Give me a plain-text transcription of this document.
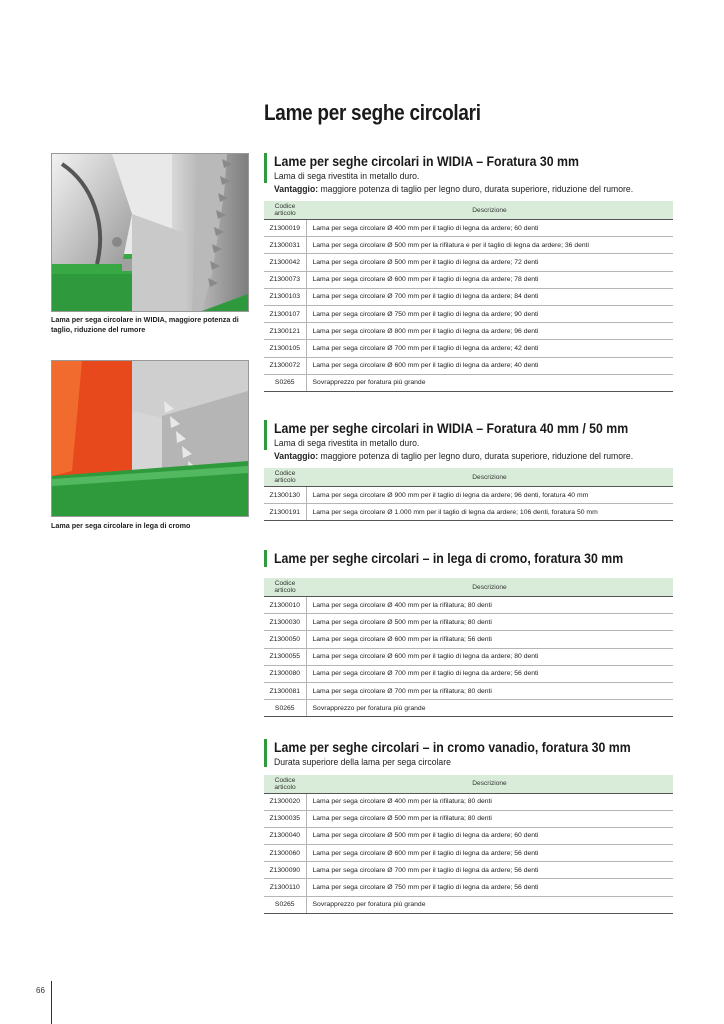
Lame per seghe circolari
Lama per sega circolare in WIDIA, maggiore potenza di taglio, riduzione del rumore
Lama per sega circolare in lega di cromo
Lame per seghe circolari in WIDIA – Foratura 30 mm
Lama di sega rivestita in metallo duro.
Vantaggio: maggiore potenza di taglio per legno duro, durata superiore, riduzione del rumore.
Codice articolo	Descrizione
Z1300019	Lama per sega circolare Ø 400 mm per il taglio di legna da ardere; 60 denti
Z1300031	Lama per sega circolare Ø 500 mm per la rifilatura e per il taglio di legna da ardere; 36 denti
Z1300042	Lama per sega circolare Ø 500 mm per il taglio di legna da ardere; 72 denti
Z1300073	Lama per sega circolare Ø 600 mm per il taglio di legna da ardere; 78 denti
Z1300103	Lama per sega circolare Ø 700 mm per il taglio di legna da ardere; 84 denti
Z1300107	Lama per sega circolare Ø 750 mm per il taglio di legna da ardere; 90 denti
Z1300121	Lama per sega circolare Ø 800 mm per il taglio di legna da ardere; 96 denti
Z1300105	Lama per sega circolare Ø 700 mm per il taglio di legna da ardere; 42 denti
Z1300072	Lama per sega circolare Ø 600 mm per il taglio di legna da ardere; 40 denti
S0265	Sovrapprezzo per foratura più grande
Lame per seghe circolari in WIDIA – Foratura 40 mm / 50 mm
Lama di sega rivestita in metallo duro.
Vantaggio: maggiore potenza di taglio per legno duro, durata superiore, riduzione del rumore.
Codice articolo	Descrizione
Z1300130	Lama per sega circolare Ø 900 mm per il taglio di legna da ardere; 96 denti, foratura 40 mm
Z1300191	Lama per sega circolare Ø 1.000 mm per il taglio di legna da ardere; 106 denti, foratura 50 mm
Lame per seghe circolari – in lega di cromo, foratura 30 mm
Codice articolo	Descrizione
Z1300010	Lama per sega circolare Ø 400 mm per la rifilatura; 80 denti
Z1300030	Lama per sega circolare Ø 500 mm per la rifilatura; 80 denti
Z1300050	Lama per sega circolare Ø 600 mm per la rifilatura; 56 denti
Z1300055	Lama per sega circolare Ø 600 mm per il taglio di legna da ardere; 80 denti
Z1300080	Lama per sega circolare Ø 700 mm per il taglio di legna da ardere; 56 denti
Z1300081	Lama per sega circolare Ø 700 mm per la rifilatura; 80 denti
S0265	Sovrapprezzo per foratura più grande
Lame per seghe circolari – in cromo vanadio, foratura 30 mm
Durata superiore della lama per sega circolare
Codice articolo	Descrizione
Z1300020	Lama per sega circolare Ø 400 mm per la rifilatura; 80 denti
Z1300035	Lama per sega circolare Ø 500 mm per la rifilatura; 80 denti
Z1300040	Lama per sega circolare Ø 500 mm per il taglio di legna da ardere; 60 denti
Z1300060	Lama per sega circolare Ø 600 mm per il taglio di legna da ardere; 56 denti
Z1300090	Lama per sega circolare Ø 700 mm per il taglio di legna da ardere; 56 denti
Z1300110	Lama per sega circolare Ø 750 mm per il taglio di legna da ardere; 56 denti
S0265	Sovrapprezzo per foratura più grande
66
